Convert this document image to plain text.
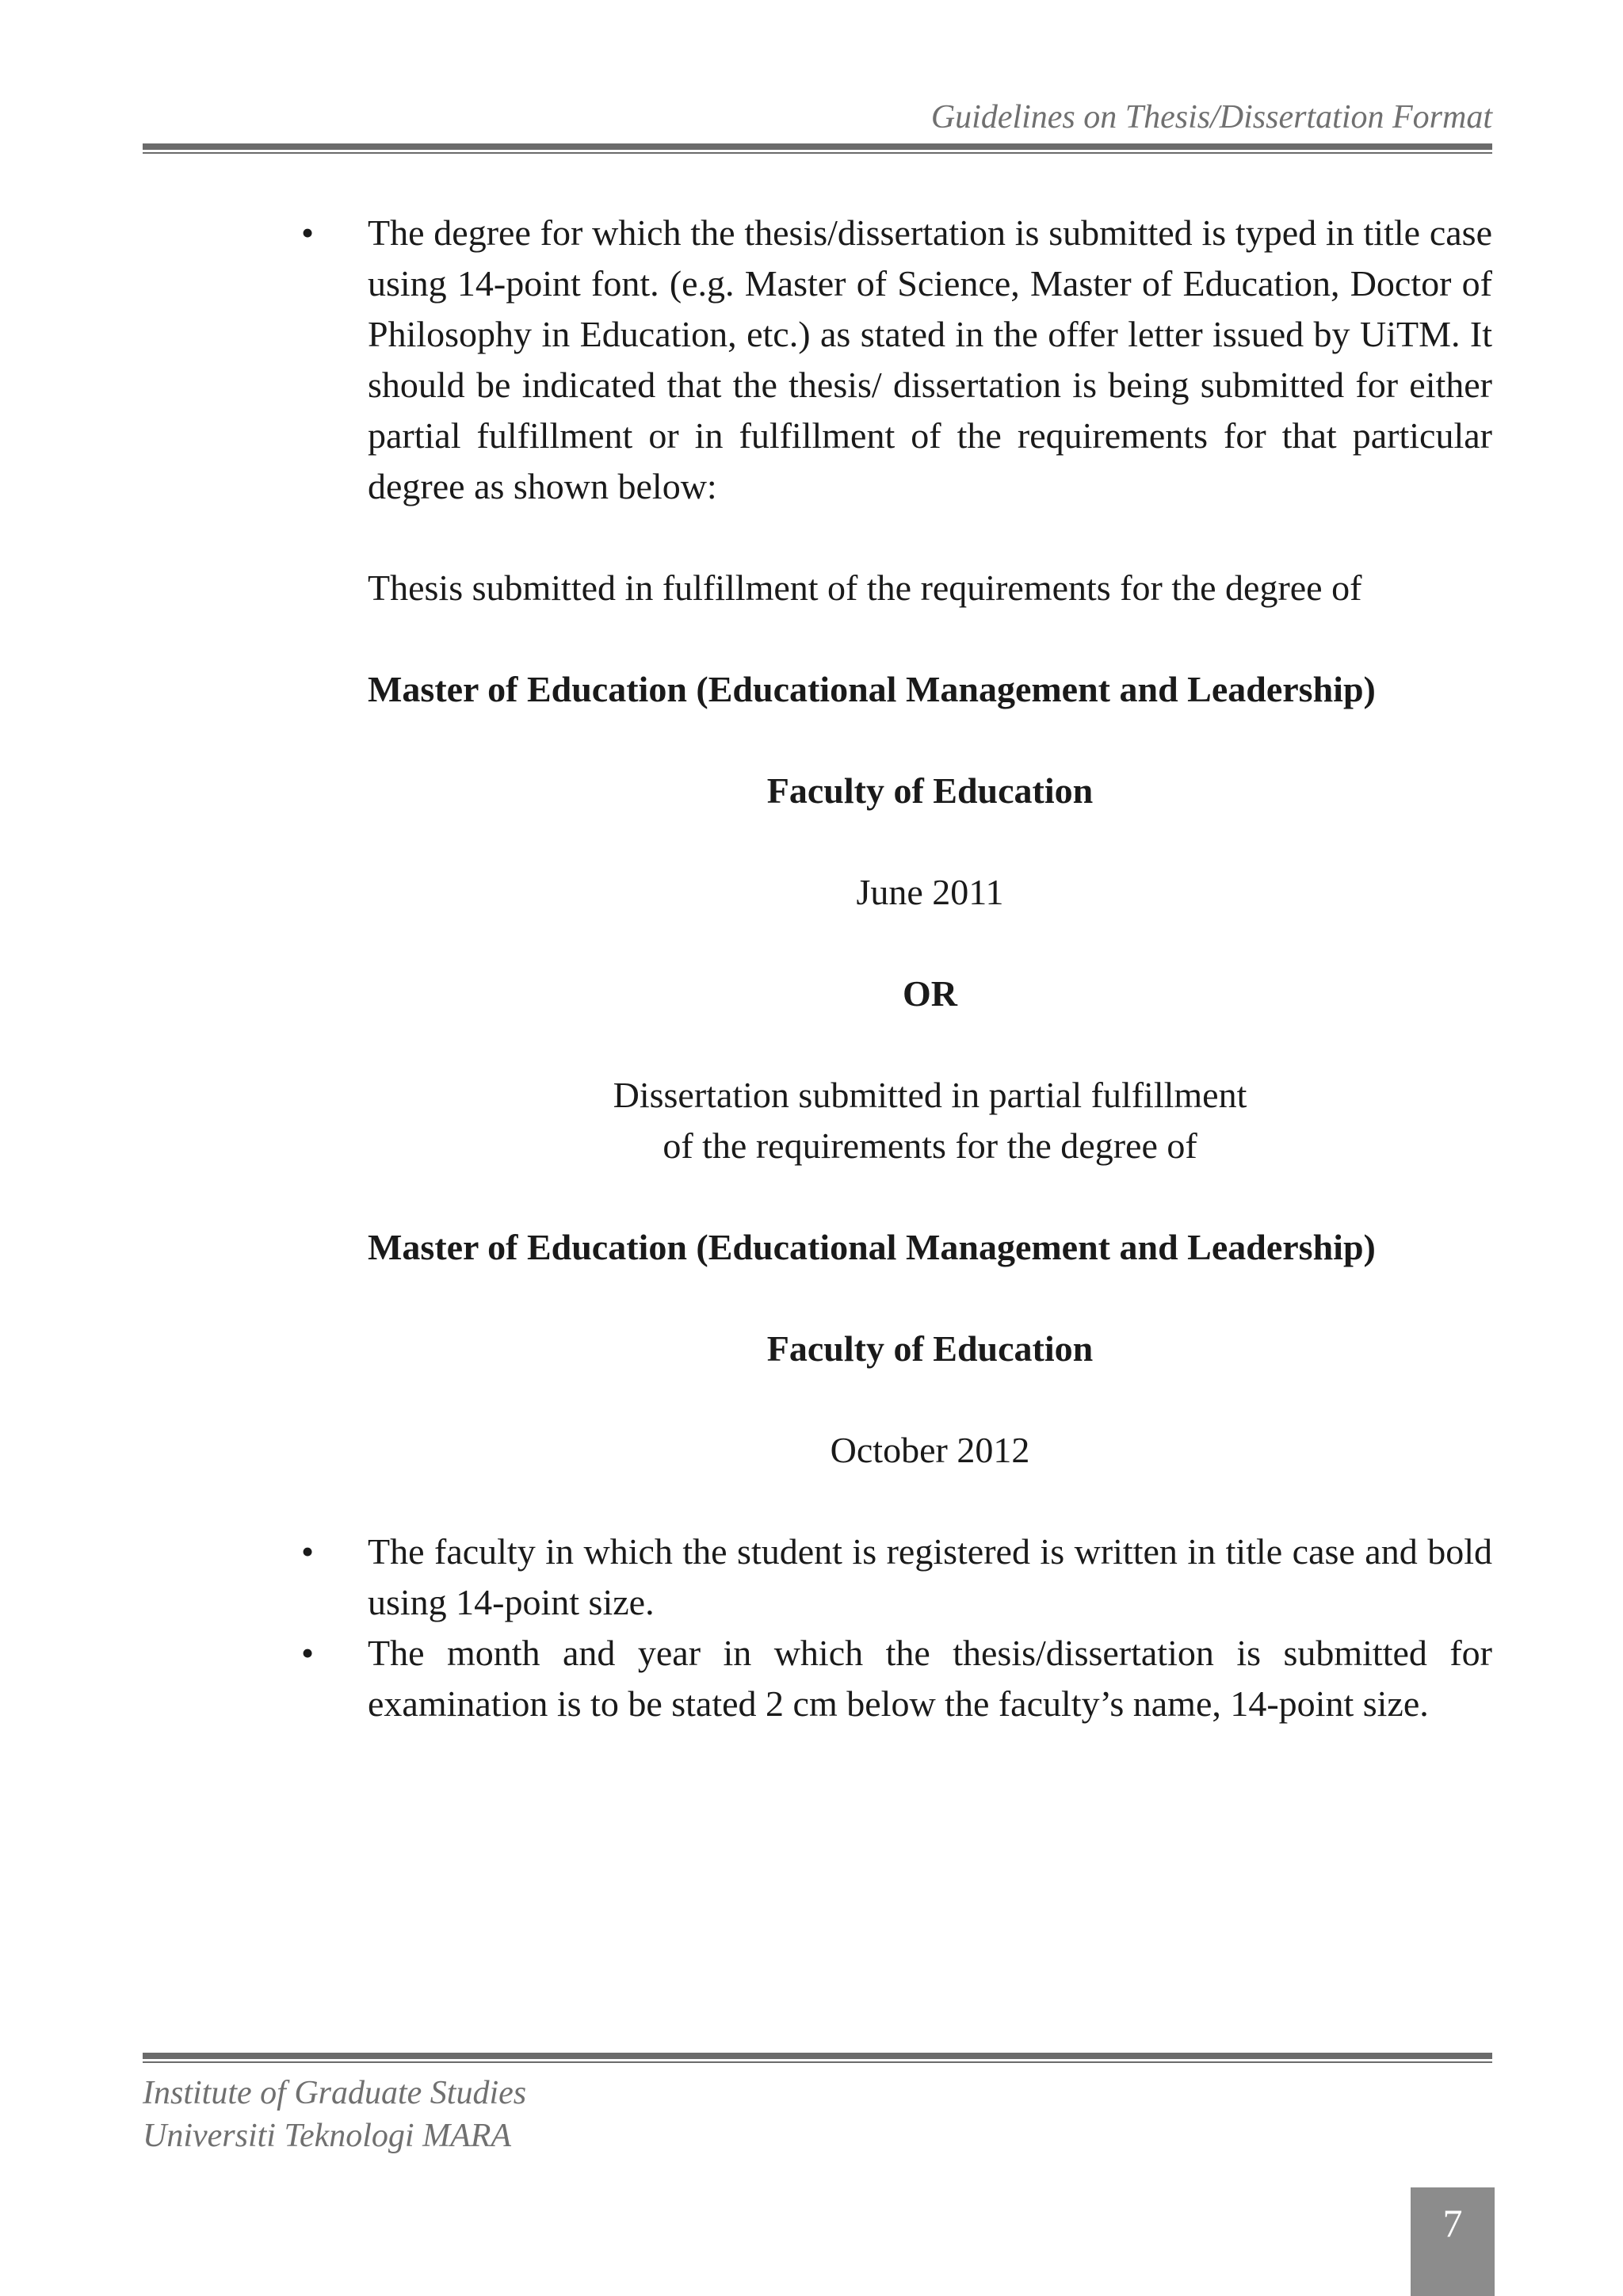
Guidelines on Thesis/Dissertation Format
•	The degree for which the thesis/dissertation is submitted is typed in title case using 14-point font. (e.g. Master of Science, Master of Education, Doctor of Philosophy in Education, etc.) as stated in the offer letter issued by UiTM. It should be indicated that the thesis/ dissertation is being submitted for either partial fulfillment or in fulfillment of the requirements for that particular degree as shown below:
Thesis submitted in fulfillment of the requirements for the degree of
Master of Education (Educational Management and Leadership)
Faculty of Education
June 2011
OR
Dissertation submitted in partial fulfillment
of the requirements for the degree of
Master of Education (Educational Management and Leadership)
Faculty of Education
October 2012
•	The faculty in which the student is registered is written in title case and bold using 14-point size.
•	The month and year in which the thesis/dissertation is submitted for examination is to be stated 2 cm below the faculty’s name, 14-point size.
Institute of Graduate Studies
Universiti Teknologi MARA
7
